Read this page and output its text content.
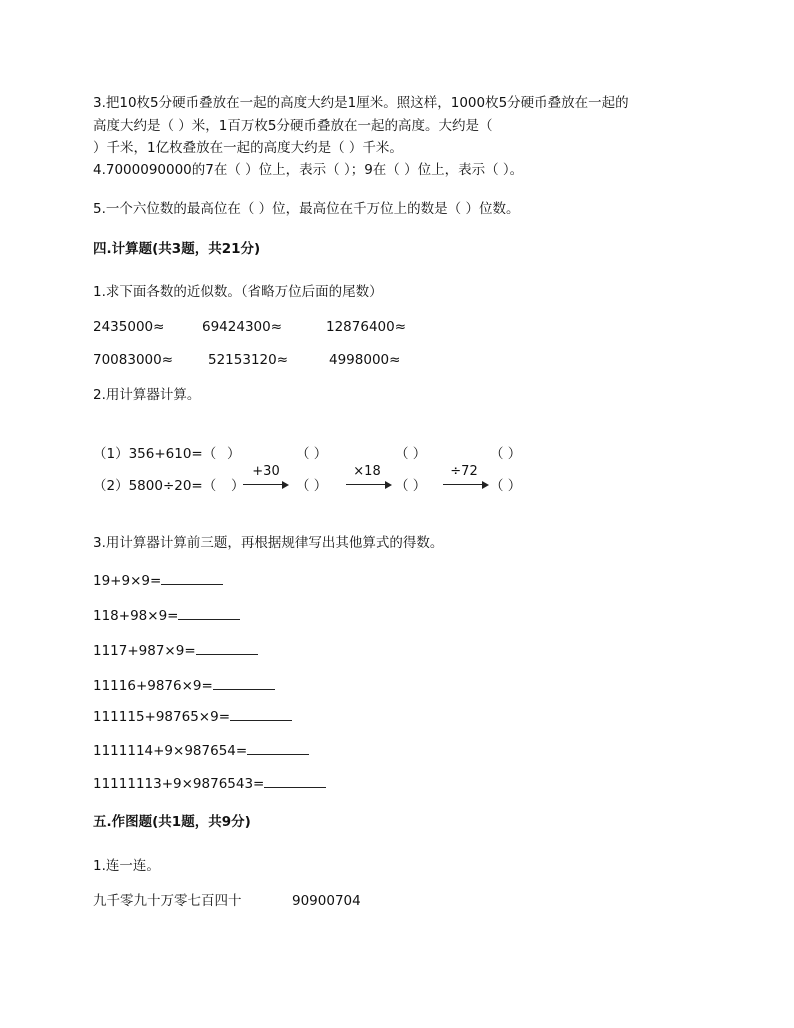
3.把10枚5分硬币叠放在一起的高度大约是1厘米。照这样，1000枚5分硬币叠放在一起的
高度大约是（ ）米，1百万枚5分硬币叠放在一起的高度。大约是（
）千米，1亿枚叠放在一起的高度大约是（ ）千米。
4.7000090000的7在（ ）位上，表示（ ）；9在（ ）位上，表示（ ）。
5.一个六位数的最高位在（ ）位，最高位在千万位上的数是（ ）位数。
四.计算题(共3题，共21分)
1.求下面各数的近似数。（省略万位后面的尾数）
2435000≈	69424300≈	12876400≈
70083000≈	52153120≈	4998000≈
2.用计算器计算。
（1）356+610=（ ）	（ ）	（ ）	（ ）
（2）5800÷20=（ ）	（ ）	（ ）	（ ）
+30	×18	÷72
3.用计算器计算前三题，再根据规律写出其他算式的得数。
19+9×9=
118+98×9=
1117+987×9=
11116+9876×9=
111115+98765×9=
1111114+9×987654=
11111113+9×9876543=
五.作图题(共1题，共9分)
1.连一连。
九千零九十万零七百四十	90900704
